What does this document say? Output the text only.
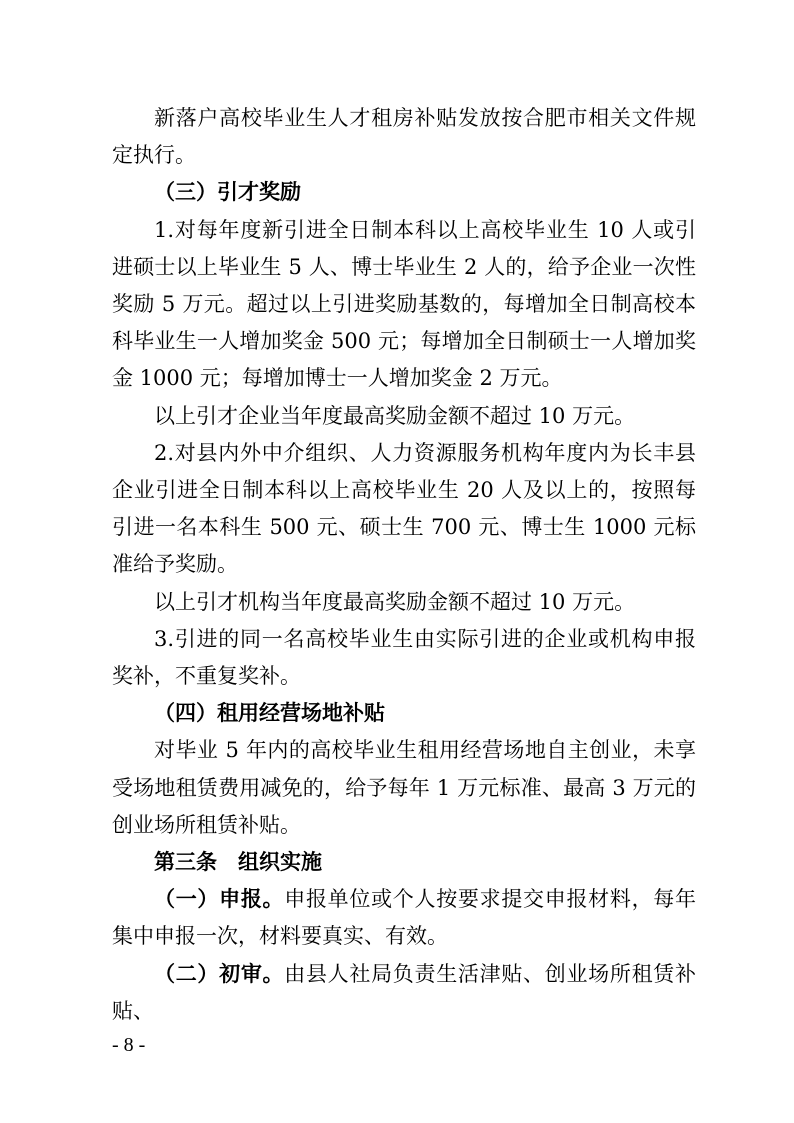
新落户高校毕业生人才租房补贴发放按合肥市相关文件规定执行。

（三）引才奖励

1.对每年度新引进全日制本科以上高校毕业生 10 人或引进硕士以上毕业生 5 人、博士毕业生 2 人的，给予企业一次性奖励 5 万元。超过以上引进奖励基数的，每增加全日制高校本科毕业生一人增加奖金 500 元；每增加全日制硕士一人增加奖金 1000 元；每增加博士一人增加奖金 2 万元。

以上引才企业当年度最高奖励金额不超过 10 万元。

2.对县内外中介组织、人力资源服务机构年度内为长丰县企业引进全日制本科以上高校毕业生 20 人及以上的，按照每引进一名本科生 500 元、硕士生 700 元、博士生 1000 元标准给予奖励。

以上引才机构当年度最高奖励金额不超过 10 万元。

3.引进的同一名高校毕业生由实际引进的企业或机构申报奖补，不重复奖补。

（四）租用经营场地补贴

对毕业 5 年内的高校毕业生租用经营场地自主创业，未享受场地租赁费用减免的，给予每年 1 万元标准、最高 3 万元的创业场所租赁补贴。

第三条　组织实施

（一）申报。申报单位或个人按要求提交申报材料，每年集中申报一次，材料要真实、有效。

（二）初审。由县人社局负责生活津贴、创业场所租赁补贴、

- 8 -
